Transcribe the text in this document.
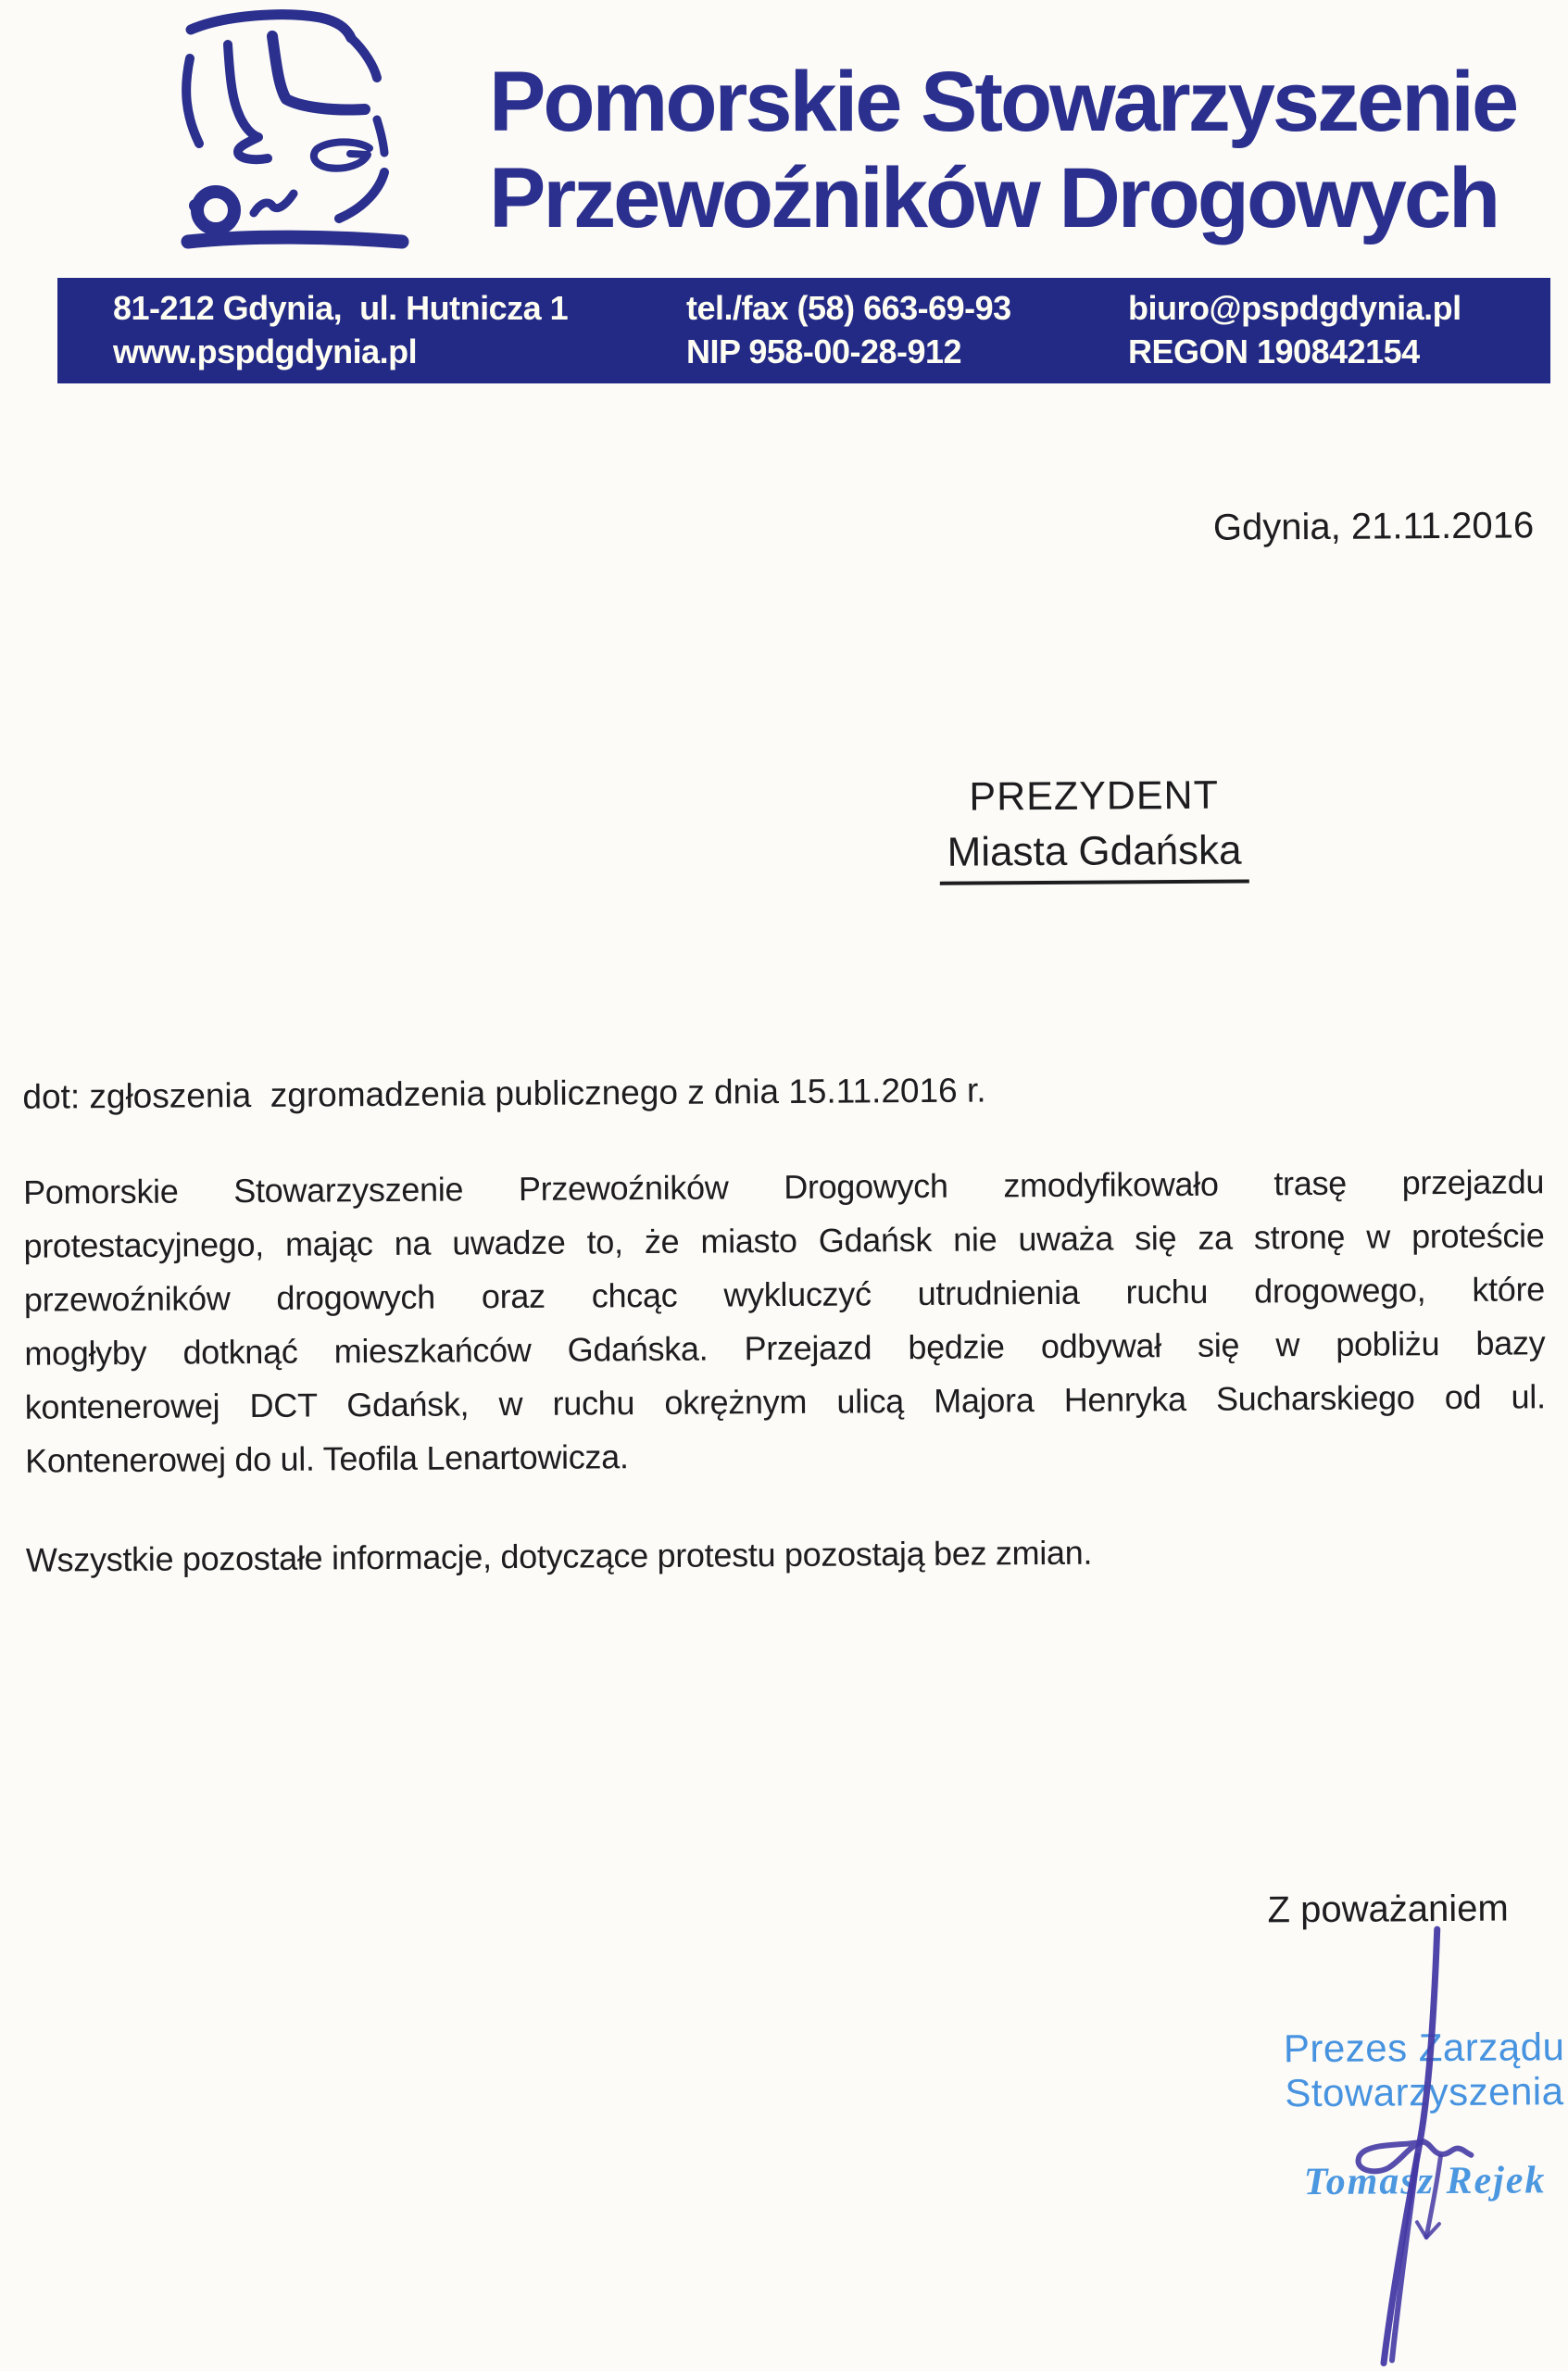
Pomorskie Stowarzyszenie
Przewoźników Drogowych
81-212 Gdynia,  ul. Hutnicza 1
www.pspdgdynia.pl
tel./fax (58) 663-69-93
NIP 958-00-28-912
biuro@pspdgdynia.pl
REGON 190842154
Gdynia, 21.11.2016
PREZYDENT
Miasta Gdańska
dot: zgłoszenia  zgromadzenia publicznego z dnia 15.11.2016 r.
Pomorskie Stowarzyszenie Przewoźników Drogowych zmodyfikowało trasę przejazdu
protestacyjnego, mając na uwadze to, że miasto Gdańsk nie uważa się za stronę w proteście
przewoźników drogowych oraz chcąc wykluczyć utrudnienia ruchu drogowego, które
mogłyby dotknąć mieszkańców Gdańska. Przejazd będzie odbywał się w pobliżu bazy
kontenerowej DCT Gdańsk, w ruchu okrężnym ulicą Majora Henryka Sucharskiego od ul.
Kontenerowej do ul. Teofila Lenartowicza.
Wszystkie pozostałe informacje, dotyczące protestu pozostają bez zmian.
Z poważaniem
Prezes Zarządu
Stowarzyszenia
Tomasz Rejek
